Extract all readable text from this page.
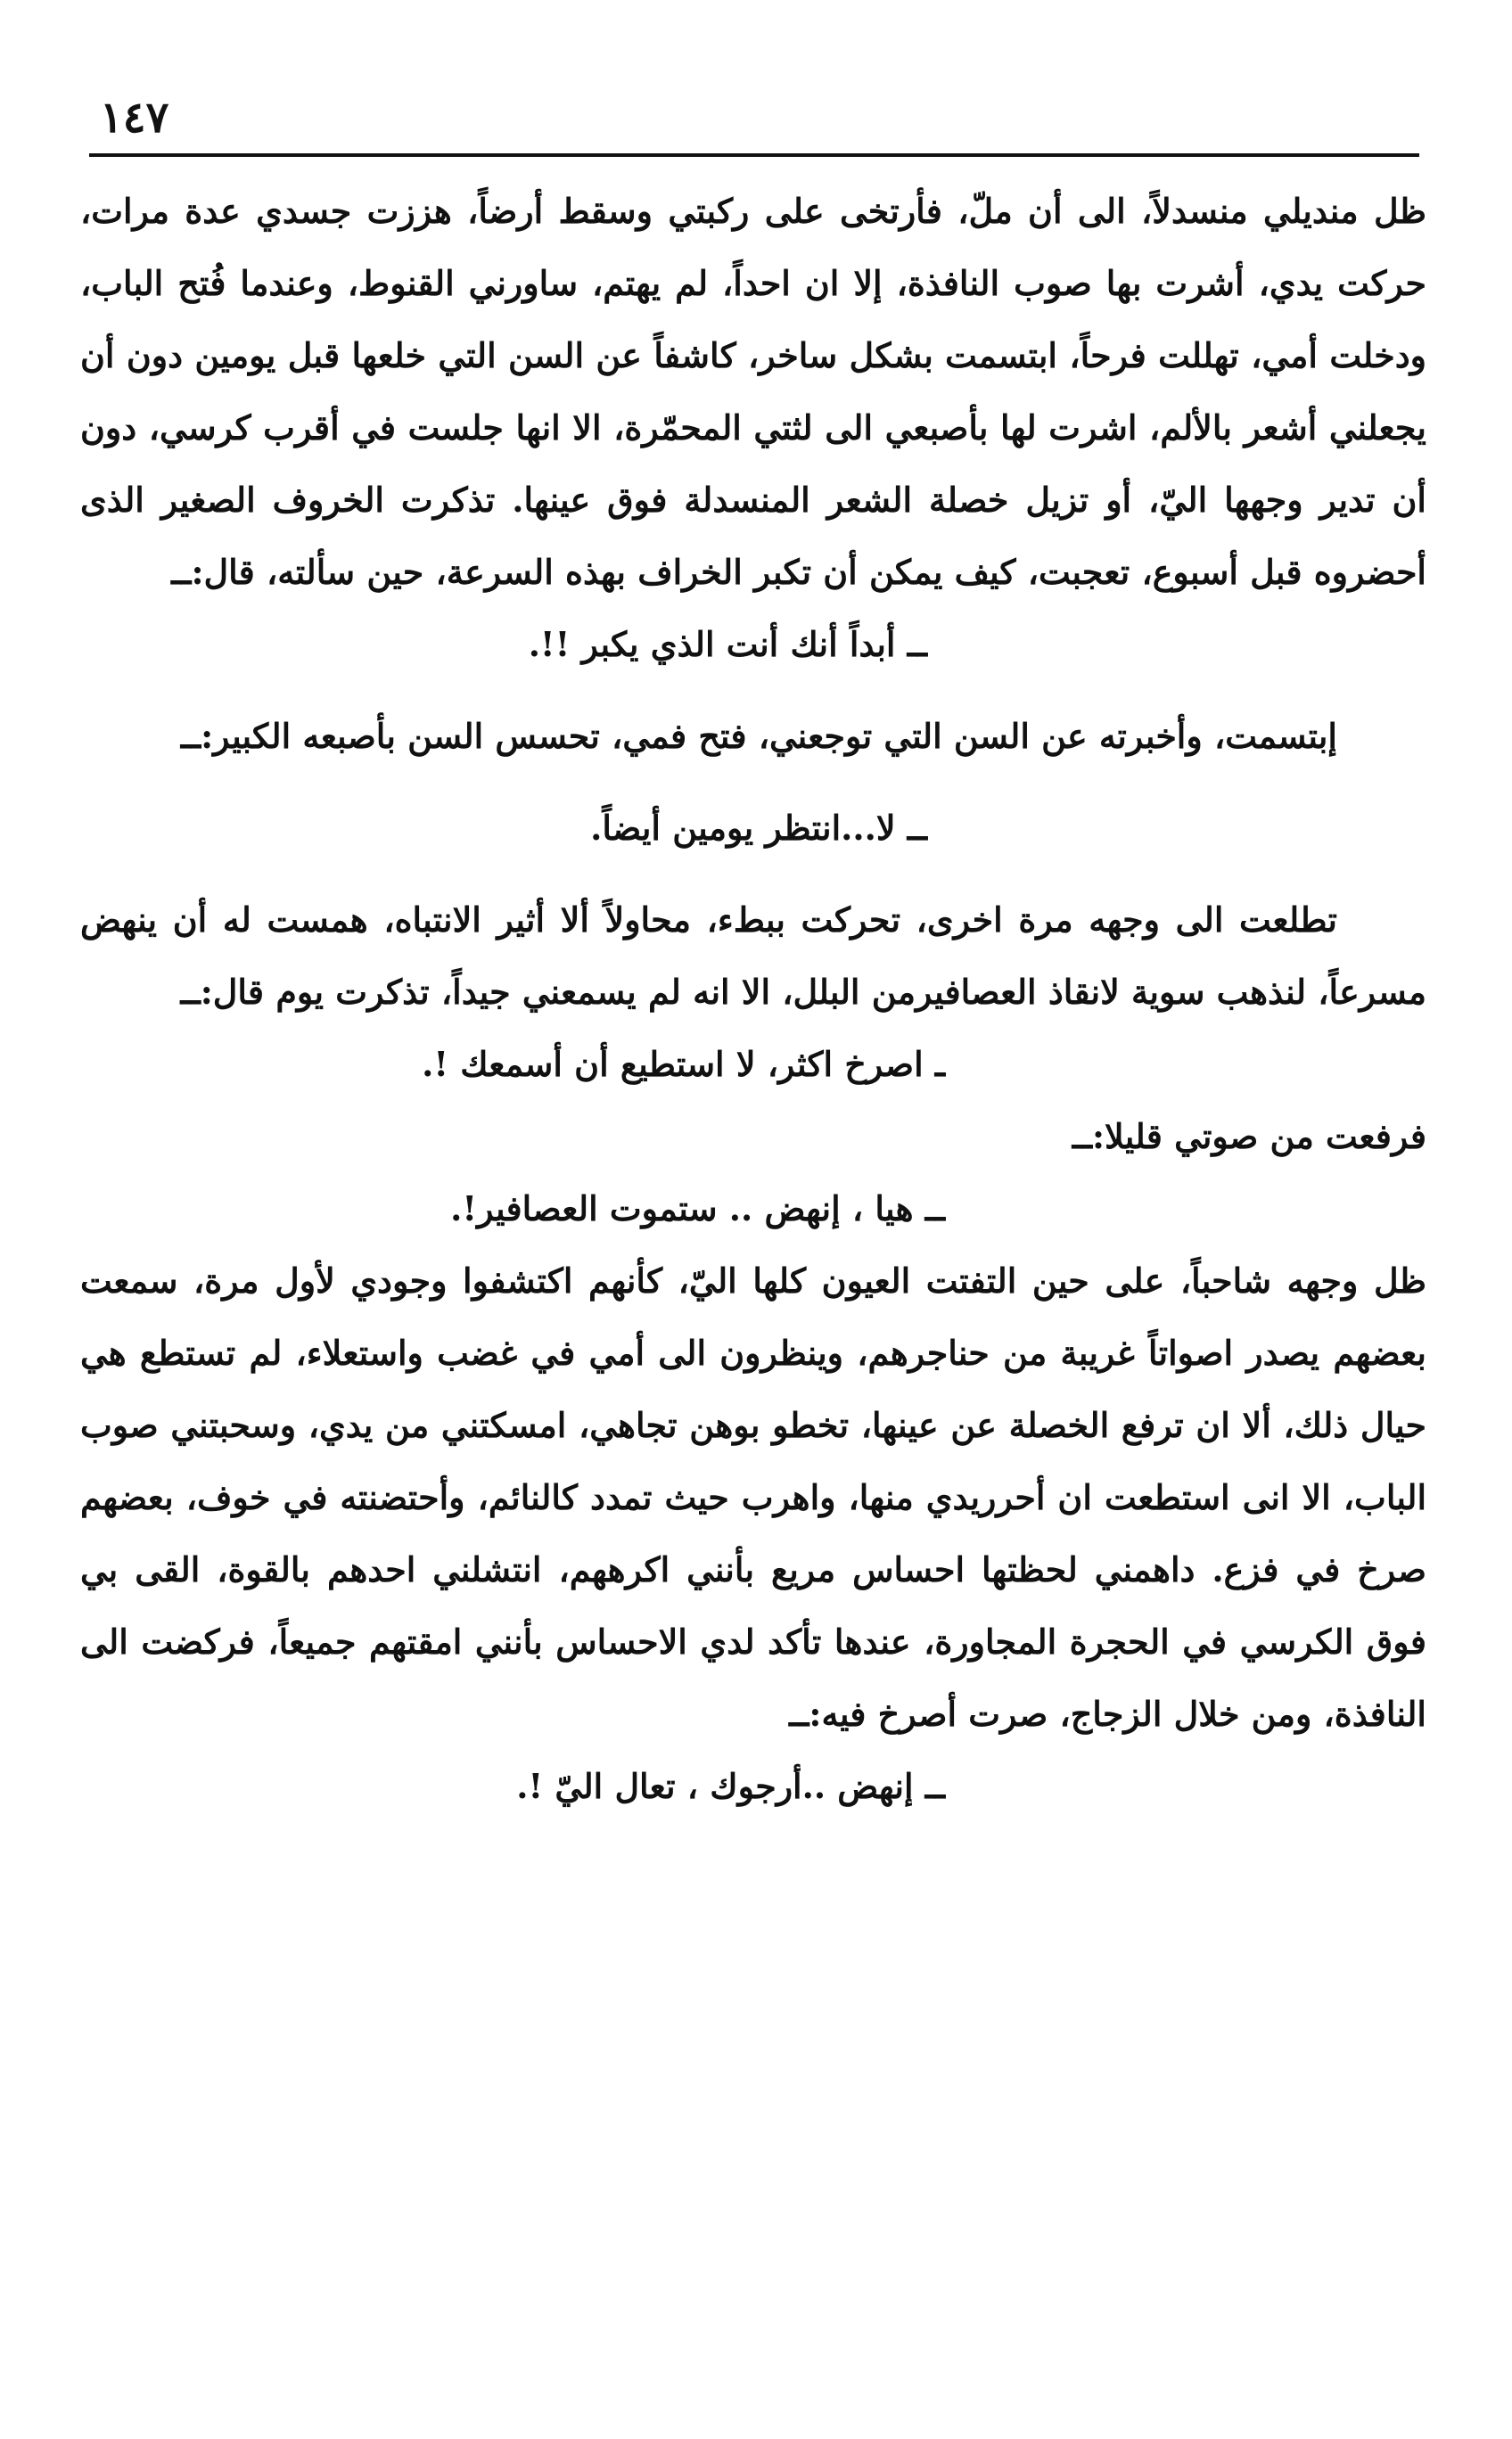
١٤٧

ظل منديلي منسدلاً، الى أن ملّ، فأرتخى على ركبتي وسقط أرضاً، هززت جسدي عدة مرات، حركت يدي، أشرت بها صوب النافذة، إلا ان احداً، لم يهتم، ساورني القنوط، وعندما فُتح الباب، ودخلت أمي، تهللت فرحاً، ابتسمت بشكل ساخر، كاشفاً عن السن التي خلعها قبل يومين دون أن يجعلني أشعر بالألم، اشرت لها بأصبعي الى لثتي المحمّرة، الا انها جلست في أقرب كرسي، دون أن تدير وجهها اليّ، أو تزيل خصلة الشعر المنسدلة فوق عينها. تذكرت الخروف الصغير الذى أحضروه قبل أسبوع، تعجبت، كيف يمكن أن تكبر الخراف بهذه السرعة، حين سألته، قال:ــ

ــ أبداً أنك أنت الذي يكبر !!.

إبتسمت، وأخبرته عن السن التي توجعني، فتح فمي، تحسس السن بأصبعه الكبير:ــ

ــ لا...انتظر يومين أيضاً.

تطلعت الى وجهه مرة اخرى، تحركت ببطء، محاولاً ألا أثير الانتباه، همست له أن ينهض مسرعاً، لنذهب سوية لانقاذ العصافيرمن البلل، الا انه لم يسمعني جيداً، تذكرت يوم قال:ــ

ـ اصرخ اكثر، لا استطيع أن أسمعك !.

فرفعت من صوتي قليلا:ــ

ــ هيا ، إنهض .. ستموت العصافير!.

ظل وجهه شاحباً، على حين التفتت العيون كلها اليّ، كأنهم اكتشفوا وجودي لأول مرة، سمعت بعضهم يصدر اصواتاً غريبة من حناجرهم، وينظرون الى أمي في غضب واستعلاء، لم تستطع هي حيال ذلك، ألا ان ترفع الخصلة عن عينها، تخطو بوهن تجاهي، امسكتني من يدي، وسحبتني صوب الباب، الا انى استطعت ان أحرريدي منها، واهرب حيث تمدد كالنائم، وأحتضنته في خوف، بعضهم صرخ في فزع. داهمني لحظتها احساس مريع بأنني اكرههم، انتشلني احدهم بالقوة، القى بي فوق الكرسي في الحجرة المجاورة، عندها تأكد لدي الاحساس بأنني امقتهم جميعاً، فركضت الى النافذة، ومن خلال الزجاج، صرت أصرخ فيه:ــ

ــ إنهض ..أرجوك ، تعال اليّ !.
